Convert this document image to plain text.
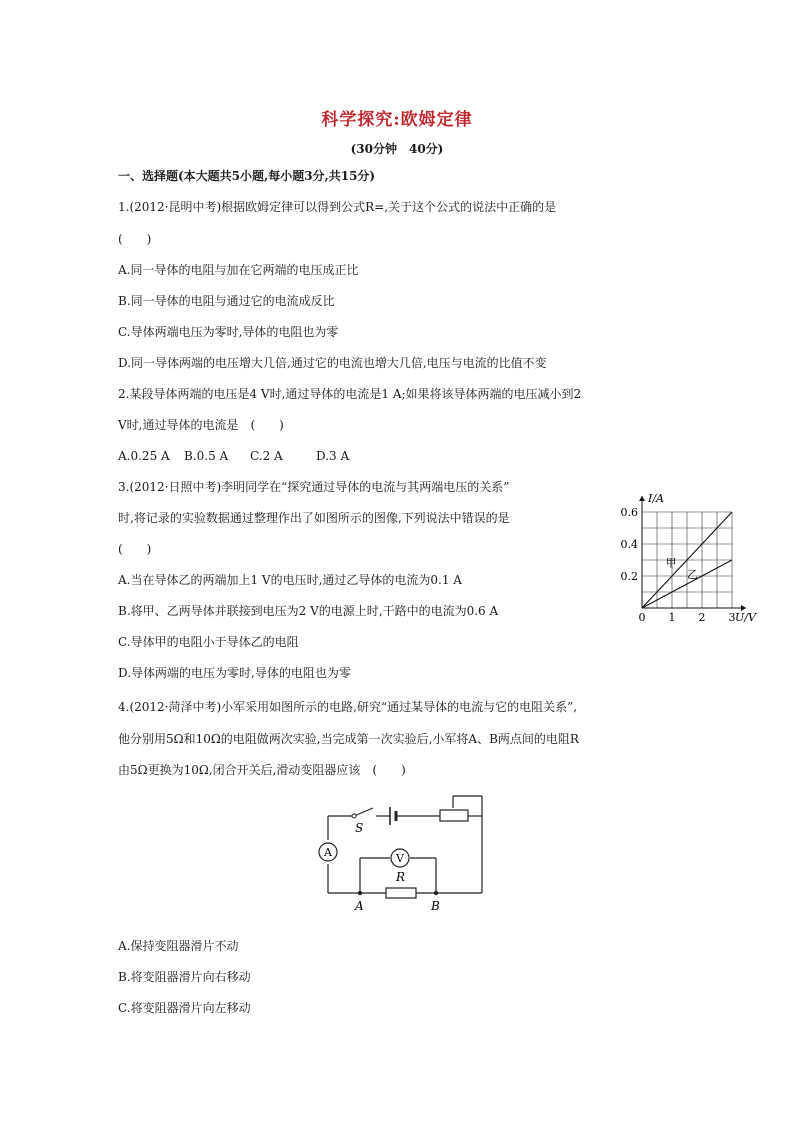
科学探究:欧姆定律
(30分钟　40分)
一、选择题(本大题共5小题,每小题3分,共15分)
1.(2012·昆明中考)根据欧姆定律可以得到公式R=,关于这个公式的说法中正确的是
(　　)
A.同一导体的电阻与加在它两端的电压成正比
B.同一导体的电阻与通过它的电流成反比
C.导体两端电压为零时,导体的电阻也为零
D.同一导体两端的电压增大几倍,通过它的电流也增大几倍,电压与电流的比值不变
2.某段导体两端的电压是4 V时,通过导体的电流是1 A;如果将该导体两端的电压减小到2
V时,通过导体的电流是　(　　)
A.0.25 A B.0.5 A C.2 A	D.3 A
3.(2012·日照中考)李明同学在“探究通过导体的电流与其两端电压的关系”
时,将记录的实验数据通过整理作出了如图所示的图像,下列说法中错误的是
(　　)
A.当在导体乙的两端加上1 V的电压时,通过乙导体的电流为0.1 A
B.将甲、乙两导体并联接到电压为2 V的电源上时,干路中的电流为0.6 A
C.导体甲的电阻小于导体乙的电阻
D.导体两端的电压为零时,导体的电阻也为零
0 1 2 3
0.2
0.4
0.6
I/A
U/V
甲
乙
4.(2012·菏泽中考)小军采用如图所示的电路,研究“通过某导体的电流与它的电阻关系”,
他分别用5Ω和10Ω的电阻做两次实验,当完成第一次实验后,小军将A、B两点间的电阻R
由5Ω更换为10Ω,闭合开关后,滑动变阻器应该　(　　)
A	V
S
R
A	B
A.保持变阻器滑片不动
B.将变阻器滑片向右移动
C.将变阻器滑片向左移动
